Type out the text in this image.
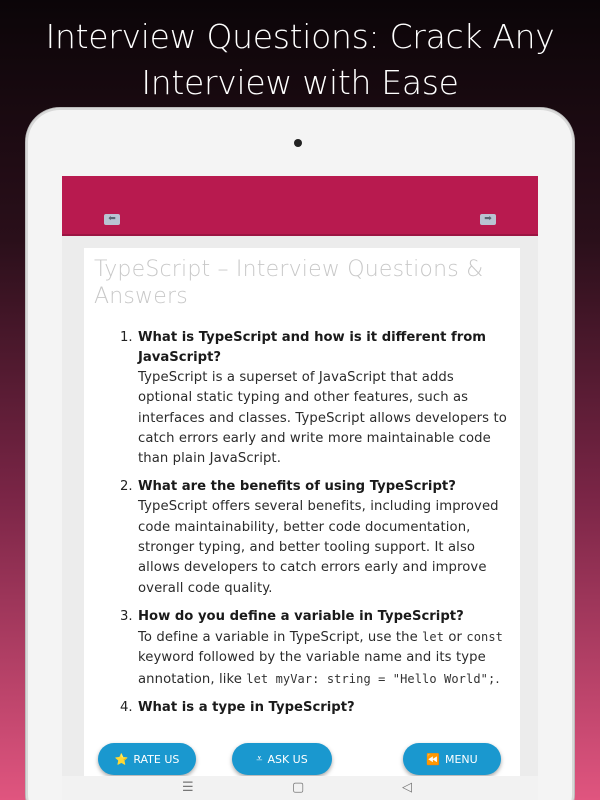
Interview Questions: Crack Any Interview with Ease
⬅	➡
TypeScript – Interview Questions & Answers
1. What is TypeScript and how is it different from JavaScript?
TypeScript is a superset of JavaScript that adds optional static typing and other features, such as interfaces and classes. TypeScript allows developers to catch errors early and write more maintainable code than plain JavaScript.
2. What are the benefits of using TypeScript?
TypeScript offers several benefits, including improved code maintainability, better code documentation, stronger typing, and better tooling support. It also allows developers to catch errors early and improve overall code quality.
3. How do you define a variable in TypeScript?
To define a variable in TypeScript, use the let or const keyword followed by the variable name and its type annotation, like let myVar: string = "Hello World";.
4. What is a type in TypeScript?
⭐ RATE US	⩡ ASK US	⏪ MENU
☰	▢	◁
